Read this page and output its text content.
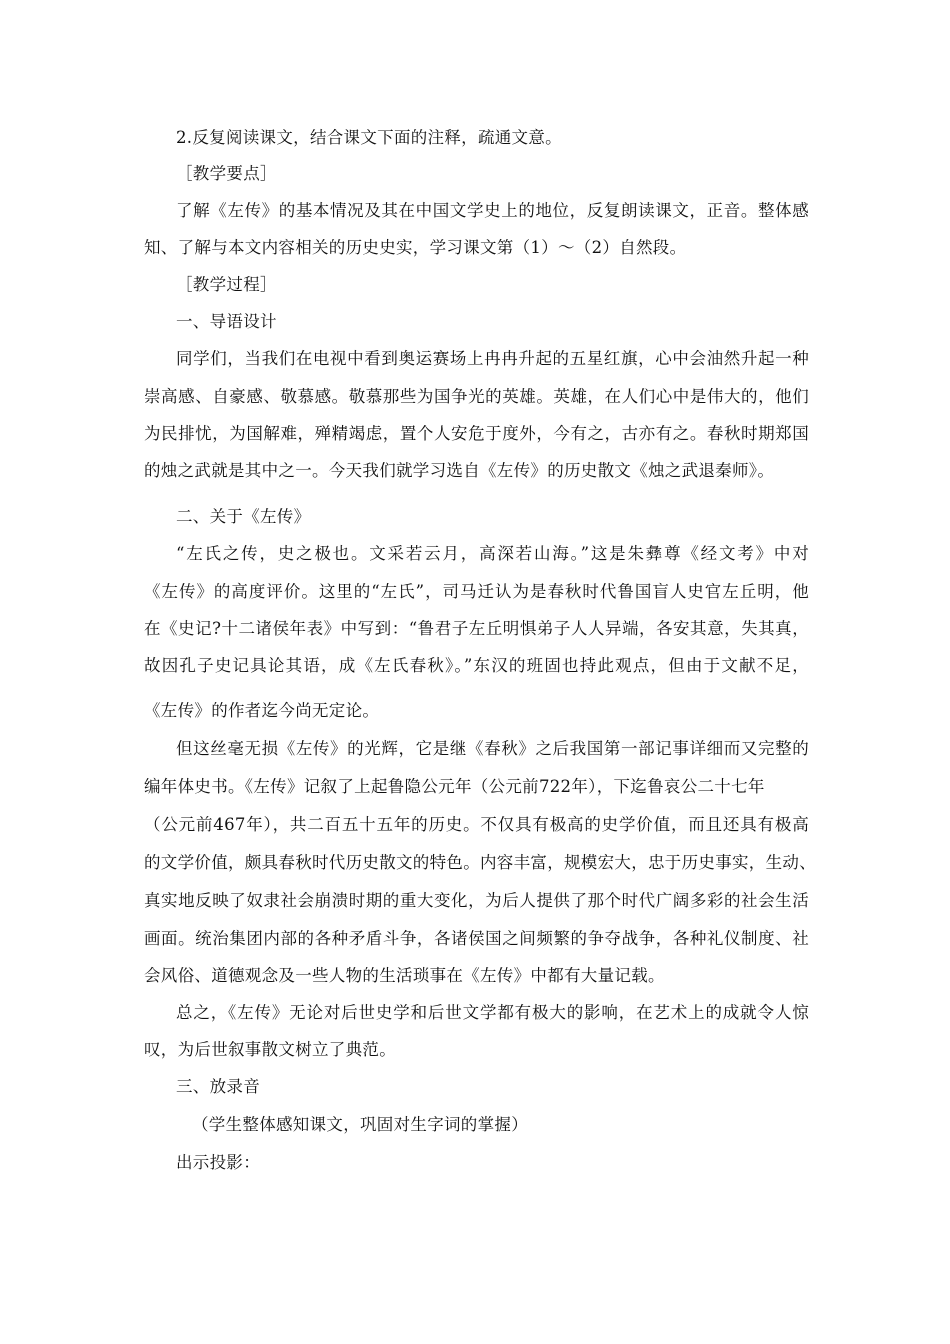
2.反复阅读课文，结合课文下面的注释，疏通文意。
［教学要点］
了解《左传》的基本情况及其在中国文学史上的地位，反复朗读课文，正音。整体感
知、了解与本文内容相关的历史史实，学习课文第（1）～（2）自然段。
［教学过程］
一、导语设计
同学们，当我们在电视中看到奥运赛场上冉冉升起的五星红旗，心中会油然升起一种
崇高感、自豪感、敬慕感。敬慕那些为国争光的英雄。英雄，在人们心中是伟大的，他们
为民排忧，为国解难，殚精竭虑，置个人安危于度外，今有之，古亦有之。春秋时期郑国
的烛之武就是其中之一。今天我们就学习选自《左传》的历史散文《烛之武退秦师》。
二、关于《左传》
“左氏之传，史之极也。文采若云月，高深若山海。”这是朱彝尊《经文考》中对
《左传》的高度评价。这里的“左氏”，司马迁认为是春秋时代鲁国盲人史官左丘明，他
在《史记?十二诸侯年表》中写到：“鲁君子左丘明惧弟子人人异端，各安其意，失其真，
故因孔子史记具论其语，成《左氏春秋》。”东汉的班固也持此观点，但由于文献不足，
《左传》的作者迄今尚无定论。
但这丝毫无损《左传》的光辉，它是继《春秋》之后我国第一部记事详细而又完整的
编年体史书。《左传》记叙了上起鲁隐公元年（公元前722年），下迄鲁哀公二十七年
（公元前467年），共二百五十五年的历史。不仅具有极高的史学价值，而且还具有极高
的文学价值，颇具春秋时代历史散文的特色。内容丰富，规模宏大，忠于历史事实，生动、
真实地反映了奴隶社会崩溃时期的重大变化，为后人提供了那个时代广阔多彩的社会生活
画面。统治集团内部的各种矛盾斗争，各诸侯国之间频繁的争夺战争，各种礼仪制度、社
会风俗、道德观念及一些人物的生活琐事在《左传》中都有大量记载。
总之，《左传》无论对后世史学和后世文学都有极大的影响，在艺术上的成就令人惊
叹，为后世叙事散文树立了典范。
三、放录音
（学生整体感知课文，巩固对生字词的掌握）
出示投影：
